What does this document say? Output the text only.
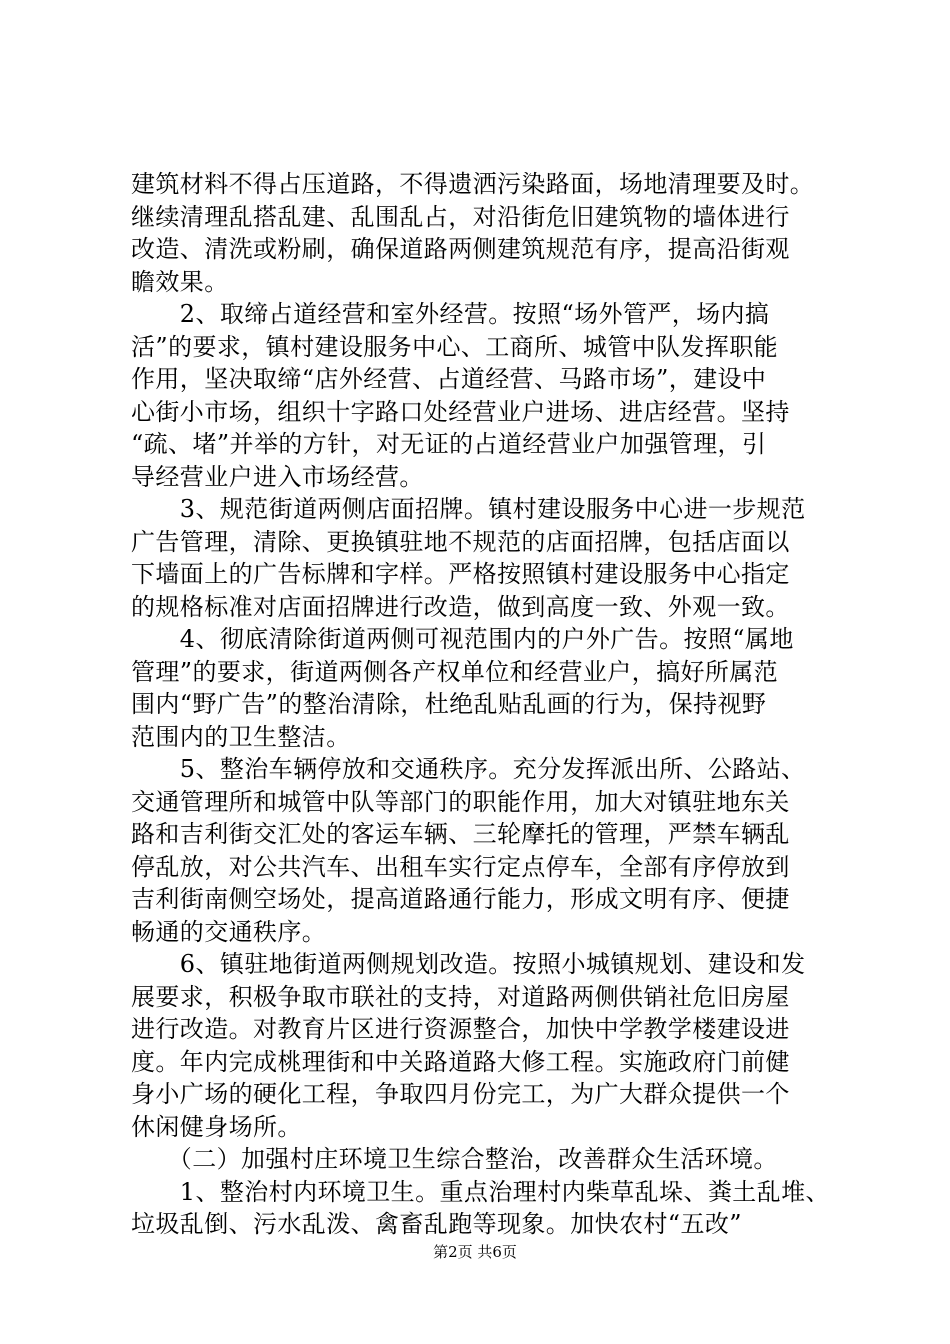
建筑材料不得占压道路，不得遗洒污染路面，场地清理要及时。
继续清理乱搭乱建、乱围乱占，对沿街危旧建筑物的墙体进行
改造、清洗或粉刷，确保道路两侧建筑规范有序，提高沿街观
瞻效果。
　　2、取缔占道经营和室外经营。按照“场外管严，场内搞
活”的要求，镇村建设服务中心、工商所、城管中队发挥职能
作用，坚决取缔“店外经营、占道经营、马路市场”，建设中
心街小市场，组织十字路口处经营业户进场、进店经营。坚持
“疏、堵”并举的方针，对无证的占道经营业户加强管理，引
导经营业户进入市场经营。
　　3、规范街道两侧店面招牌。镇村建设服务中心进一步规范
广告管理，清除、更换镇驻地不规范的店面招牌，包括店面以
下墙面上的广告标牌和字样。严格按照镇村建设服务中心指定
的规格标准对店面招牌进行改造，做到高度一致、外观一致。
　　4、彻底清除街道两侧可视范围内的户外广告。按照“属地
管理”的要求，街道两侧各产权单位和经营业户，搞好所属范
围内“野广告”的整治清除，杜绝乱贴乱画的行为，保持视野
范围内的卫生整洁。
　　5、整治车辆停放和交通秩序。充分发挥派出所、公路站、
交通管理所和城管中队等部门的职能作用，加大对镇驻地东关
路和吉利街交汇处的客运车辆、三轮摩托的管理，严禁车辆乱
停乱放，对公共汽车、出租车实行定点停车，全部有序停放到
吉利街南侧空场处，提高道路通行能力，形成文明有序、便捷
畅通的交通秩序。
　　6、镇驻地街道两侧规划改造。按照小城镇规划、建设和发
展要求，积极争取市联社的支持，对道路两侧供销社危旧房屋
进行改造。对教育片区进行资源整合，加快中学教学楼建设进
度。年内完成桃理街和中关路道路大修工程。实施政府门前健
身小广场的硬化工程，争取四月份完工，为广大群众提供一个
休闲健身场所。
　　（二）加强村庄环境卫生综合整治，改善群众生活环境。
　　1、整治村内环境卫生。重点治理村内柴草乱垛、粪土乱堆、
垃圾乱倒、污水乱泼、禽畜乱跑等现象。加快农村“五改”
第2页 共6页
